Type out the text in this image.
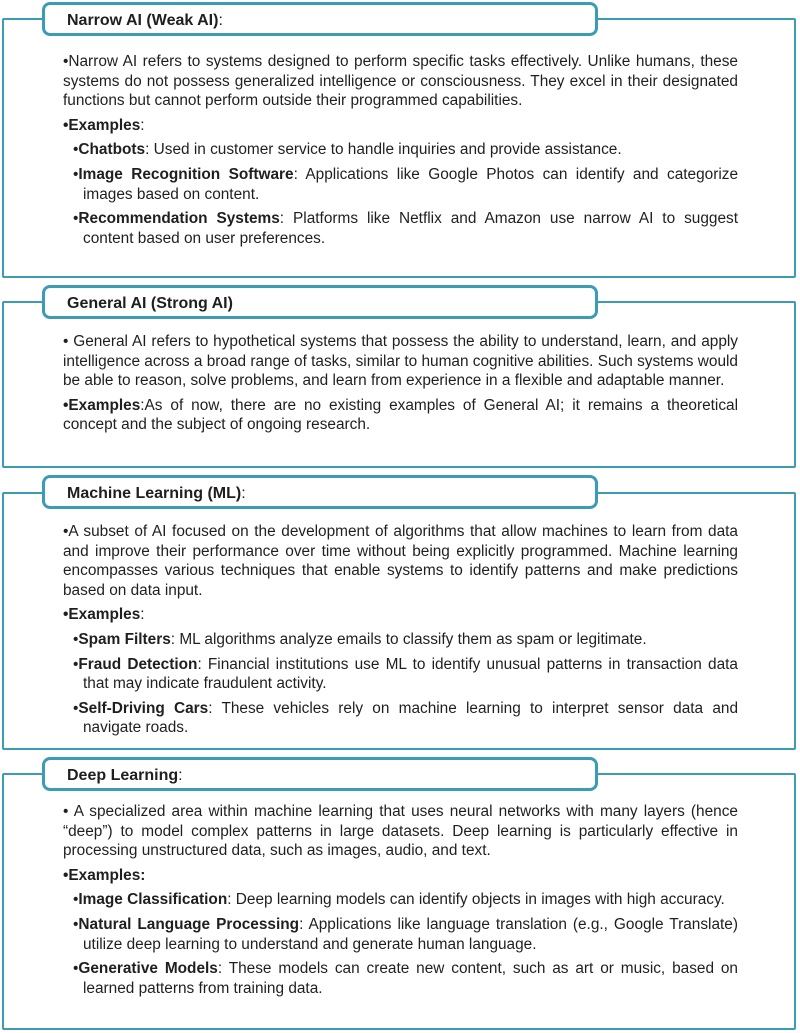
Narrow AI (Weak AI):

•Narrow AI refers to systems designed to perform specific tasks effectively. Unlike humans, these systems do not possess generalized intelligence or consciousness. They excel in their designated functions but cannot perform outside their programmed capabilities.

•Examples:

•Chatbots: Used in customer service to handle inquiries and provide assistance.

•Image Recognition Software: Applications like Google Photos can identify and categorize images based on content.

•Recommendation Systems: Platforms like Netflix and Amazon use narrow AI to suggest content based on user preferences.

General AI (Strong AI)

• General AI refers to hypothetical systems that possess the ability to understand, learn, and apply intelligence across a broad range of tasks, similar to human cognitive abilities. Such systems would be able to reason, solve problems, and learn from experience in a flexible and adaptable manner.

•Examples:As of now, there are no existing examples of General AI; it remains a theoretical concept and the subject of ongoing research.

Machine Learning (ML):

•A subset of AI focused on the development of algorithms that allow machines to learn from data and improve their performance over time without being explicitly programmed. Machine learning encompasses various techniques that enable systems to identify patterns and make predictions based on data input.

•Examples:

•Spam Filters: ML algorithms analyze emails to classify them as spam or legitimate.

•Fraud Detection: Financial institutions use ML to identify unusual patterns in transaction data that may indicate fraudulent activity.

•Self-Driving Cars: These vehicles rely on machine learning to interpret sensor data and navigate roads.

Deep Learning:

• A specialized area within machine learning that uses neural networks with many layers (hence “deep”) to model complex patterns in large datasets. Deep learning is particularly effective in processing unstructured data, such as images, audio, and text.

•Examples:

•Image Classification: Deep learning models can identify objects in images with high accuracy.

•Natural Language Processing: Applications like language translation (e.g., Google Translate) utilize deep learning to understand and generate human language.

•Generative Models: These models can create new content, such as art or music, based on learned patterns from training data.
